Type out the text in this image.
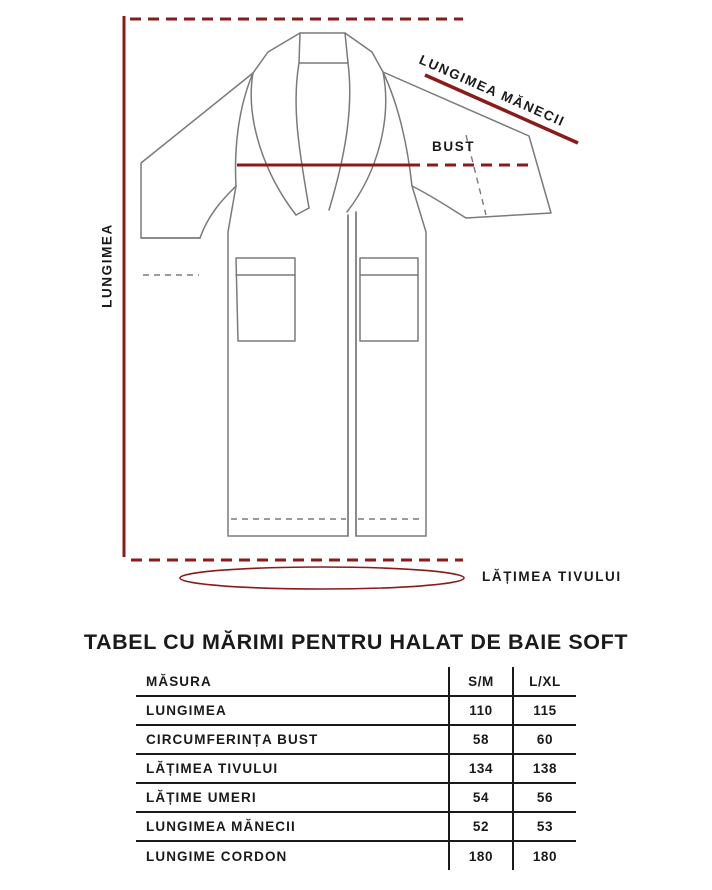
LUNGIMEA
BUST
LUNGIMEA MĂNECII
LĂȚIMEA TIVULUI
TABEL CU MĂRIMI PENTRU HALAT DE BAIE SOFT
MĂSURA	S/M	L/XL
LUNGIMEA	110	115
CIRCUMFERINȚA BUST	58	60
LĂȚIMEA TIVULUI	134	138
LĂȚIME UMERI	54	56
LUNGIMEA MĂNECII	52	53
LUNGIME CORDON	180	180
